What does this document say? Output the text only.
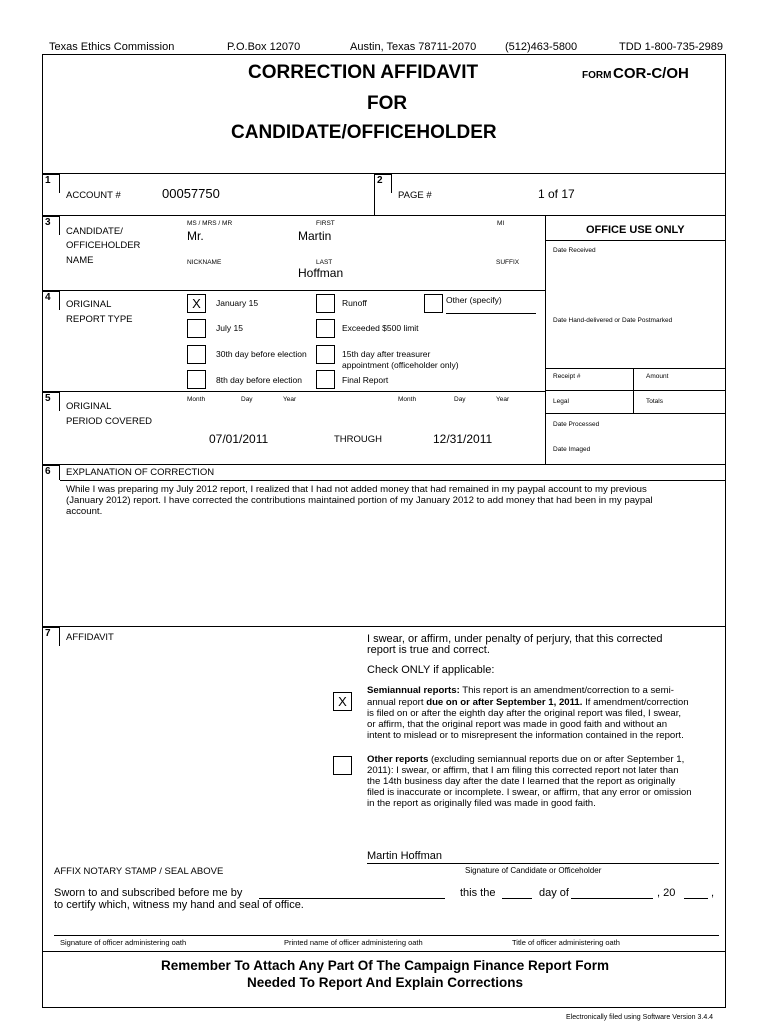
Texas Ethics Commission	P.O.Box 12070	Austin, Texas 78711-2070	(512)463-5800	TDD 1-800-735-2989
CORRECTION AFFIDAVIT
FOR
CANDIDATE/OFFICEHOLDER
FORM COR-C/OH
1	2
3
4
5
6
7
ACCOUNT #	00057750	PAGE #	1 of 17
CANDIDATE/
OFFICEHOLDER
NAME
MS / MRS / MR
Mr.
FIRST
Martin
MI
NICKNAME	LAST
Hoffman
SUFFIX
OFFICE USE ONLY
Date Received
Date Hand-delivered or Date Postmarked
Receipt #	Amount
Legal	Totals
Date Processed
Date Imaged
ORIGINAL
REPORT TYPE
X	January 15	Runoff	Other (specify)
July 15	Exceeded $500 limit
30th day before election	15th day after treasurer
appointment (officeholder only)
8th day before election	Final Report
ORIGINAL
PERIOD COVERED
Month	Day	Year	Month	Day	Year
07/01/2011	THROUGH	12/31/2011
EXPLANATION OF CORRECTION
While I was preparing my July 2012 report, I realized that I had not added money that had remained in my paypal account to my previous
(January 2012) report. I have corrected the contributions maintained portion of my January 2012 to add money that had been in my paypal
account.
AFFIDAVIT	I swear, or affirm, under penalty of perjury, that this corrected
report is true and correct.
Check ONLY if applicable:
X
Semiannual reports: This report is an amendment/correction to a semi-
annual report due on or after September 1, 2011. If amendment/correction
is filed on or after the eighth day after the original report was filed, I swear,
or affirm, that the original report was made in good faith and without an
intent to mislead or to misrepresent the information contained in the report.
Other reports (excluding semiannual reports due on or after September 1,
2011): I swear, or affirm, that I am filing this corrected report not later than
the 14th business day after the date I learned that the report as originally
filed is inaccurate or incomplete. I swear, or affirm, that any error or omission
in the report as originally filed was made in good faith.
Martin Hoffman
Signature of Candidate or Officeholder
AFFIX NOTARY STAMP / SEAL ABOVE
Sworn to and subscribed before me by	this the	day of	, 20	,
to certify which, witness my hand and seal of office.
Signature of officer administering oath	Printed name of officer administering oath	Title of officer administering oath
Remember To Attach Any Part Of The Campaign Finance Report Form
Needed To Report And Explain Corrections
Electronically filed using Software Version 3.4.4
